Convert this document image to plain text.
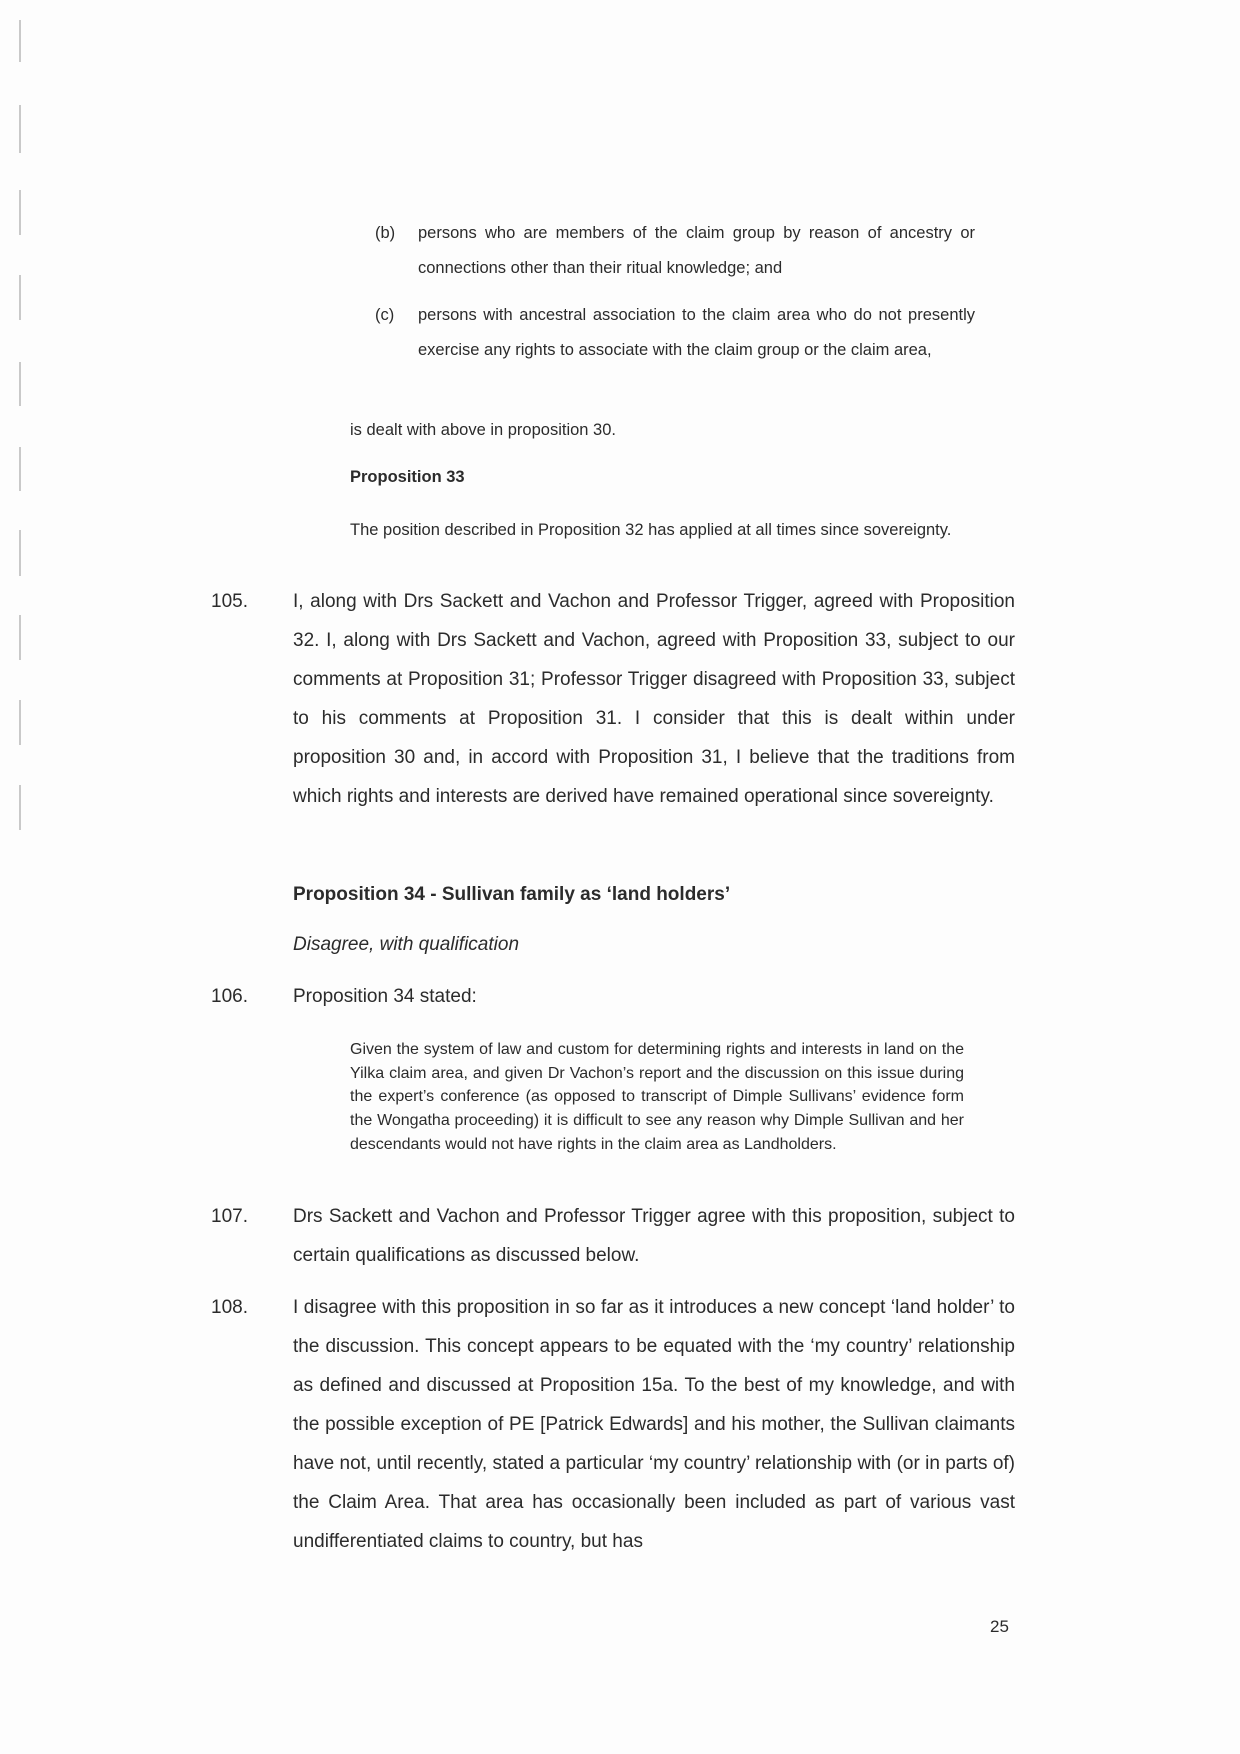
(b) persons who are members of the claim group by reason of ancestry or connections other than their ritual knowledge; and
(c) persons with ancestral association to the claim area who do not presently exercise any rights to associate with the claim group or the claim area,
is dealt with above in proposition 30.
Proposition 33
The position described in Proposition 32 has applied at all times since sovereignty.
105. I, along with Drs Sackett and Vachon and Professor Trigger, agreed with Proposition 32. I, along with Drs Sackett and Vachon, agreed with Proposition 33, subject to our comments at Proposition 31; Professor Trigger disagreed with Proposition 33, subject to his comments at Proposition 31. I consider that this is dealt within under proposition 30 and, in accord with Proposition 31, I believe that the traditions from which rights and interests are derived have remained operational since sovereignty.
Proposition 34 - Sullivan family as ‘land holders’
Disagree, with qualification
106. Proposition 34 stated:
Given the system of law and custom for determining rights and interests in land on the Yilka claim area, and given Dr Vachon’s report and the discussion on this issue during the expert’s conference (as opposed to transcript of Dimple Sullivans’ evidence form the Wongatha proceeding) it is difficult to see any reason why Dimple Sullivan and her descendants would not have rights in the claim area as Landholders.
107. Drs Sackett and Vachon and Professor Trigger agree with this proposition, subject to certain qualifications as discussed below.
108. I disagree with this proposition in so far as it introduces a new concept ‘land holder’ to the discussion. This concept appears to be equated with the ‘my country’ relationship as defined and discussed at Proposition 15a. To the best of my knowledge, and with the possible exception of PE [Patrick Edwards] and his mother, the Sullivan claimants have not, until recently, stated a particular ‘my country’ relationship with (or in parts of) the Claim Area. That area has occasionally been included as part of various vast undifferentiated claims to country, but has
25
